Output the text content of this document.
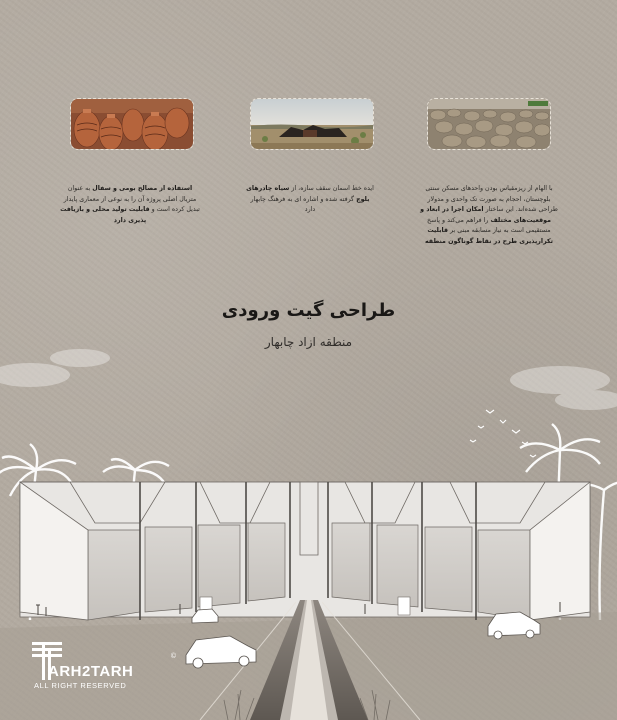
استفاده از مصالح بومی و سفال به عنوان متریال اصلی پروژه آن را به نوعی از معماری پایدار تبدیل کرده است و قابلیت تولید محلی و بازیافت پذیری دارد
ایده خط اسمان سقف سازه، از سیاه چادرهای بلوچ گرفته شده و اشاره ای به فرهنگ چابهار دارد
با الهام از ریزمقیاس بودن واحدهای مسکن سنتی بلوچستان، احجام به صورت تک واحدی و مدولار طراحی شده‌اند. این ساختار امکان اجرا در ابعاد و موقعیت‌های مختلف را فراهم می‌کند و پاسخ مستقیمی است به نیاز مسابقه مبنی بر قابلیت تکرارپذیری طرح در نقاط گوناگون منطقه
طراحی گیت ورودی
منطقه ازاد چابهار
©
ARH2TARH
ALL RIGHT RESERVED
